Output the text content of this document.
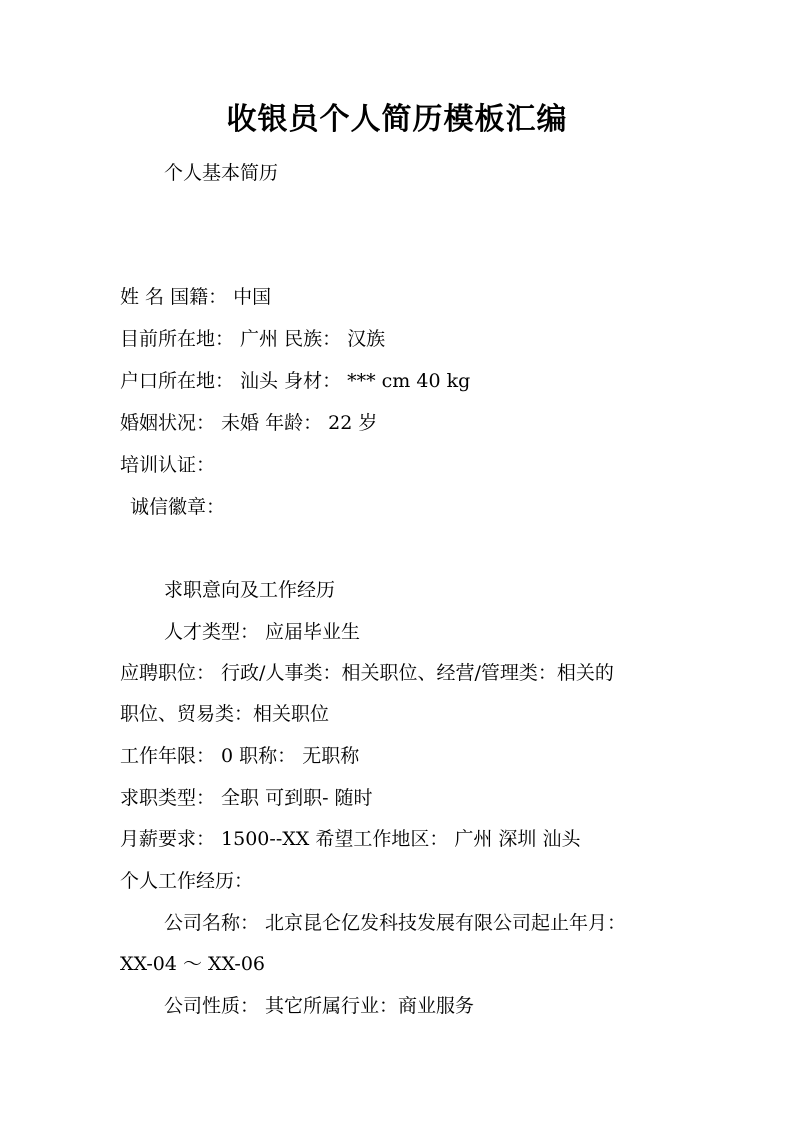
收银员个人简历模板汇编
个人基本简历
姓 名 国籍： 中国
目前所在地： 广州 民族： 汉族
户口所在地： 汕头 身材： *** cm 40 kg
婚姻状况： 未婚 年龄： 22 岁
培训认证：
诚信徽章：
求职意向及工作经历
人才类型： 应届毕业生
应聘职位： 行政/人事类：相关职位、经营/管理类：相关的
职位、贸易类：相关职位
工作年限： 0 职称： 无职称
求职类型： 全职 可到职- 随时
月薪要求： 1500--XX 希望工作地区： 广州 深圳 汕头
个人工作经历：
公司名称： 北京昆仑亿发科技发展有限公司起止年月：
XX-04 ～ XX-06
公司性质： 其它所属行业：商业服务
